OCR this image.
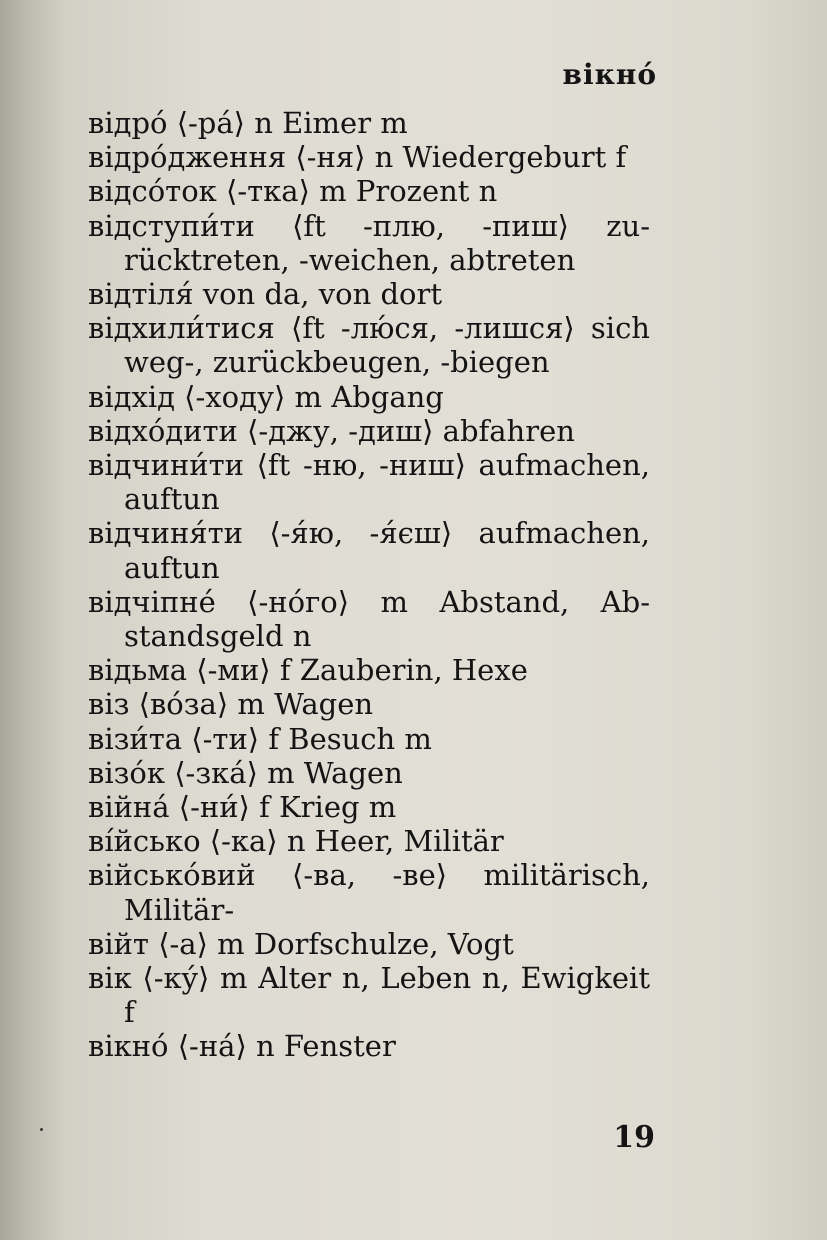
вікнó
відрó ⟨-рá⟩ n Eimer m
відрóдження ⟨-ня⟩ n Wiedergeburt f
відсóток ⟨-тка⟩ m Prozent n
відступи́ти ⟨ft -плю, -пиш⟩ zurücktreten, -weichen, abtreten
відтіля́ von da, von dort
відхили́тися ⟨ft -лю́ся, -лишся⟩ sich weg-, zurückbeugen, -biegen
відхід ⟨-ходу⟩ m Abgang
відхóдити ⟨-джу, -диш⟩ abfahren
відчини́ти ⟨ft -ню, -ниш⟩ aufmachen, auftun
відчиня́ти ⟨-я́ю, -я́єш⟩ aufmachen, auftun
відчіпнé ⟨-нóго⟩ m Abstand, Abstandsgeld n
відьма ⟨-ми⟩ f Zauberin, Hexe
віз ⟨вóза⟩ m Wagen
візи́та ⟨-ти⟩ f Besuch m
візóк ⟨-зкá⟩ m Wagen
війнá ⟨-ни́⟩ f Krieg m
вíйсько ⟨-ка⟩ n Heer, Militär
військóвий ⟨-ва, -ве⟩ militärisch, Militär-
війт ⟨-а⟩ m Dorfschulze, Vogt
вік ⟨-кý⟩ m Alter n, Leben n, Ewigkeit f
вікнó ⟨-нá⟩ n Fenster
19
